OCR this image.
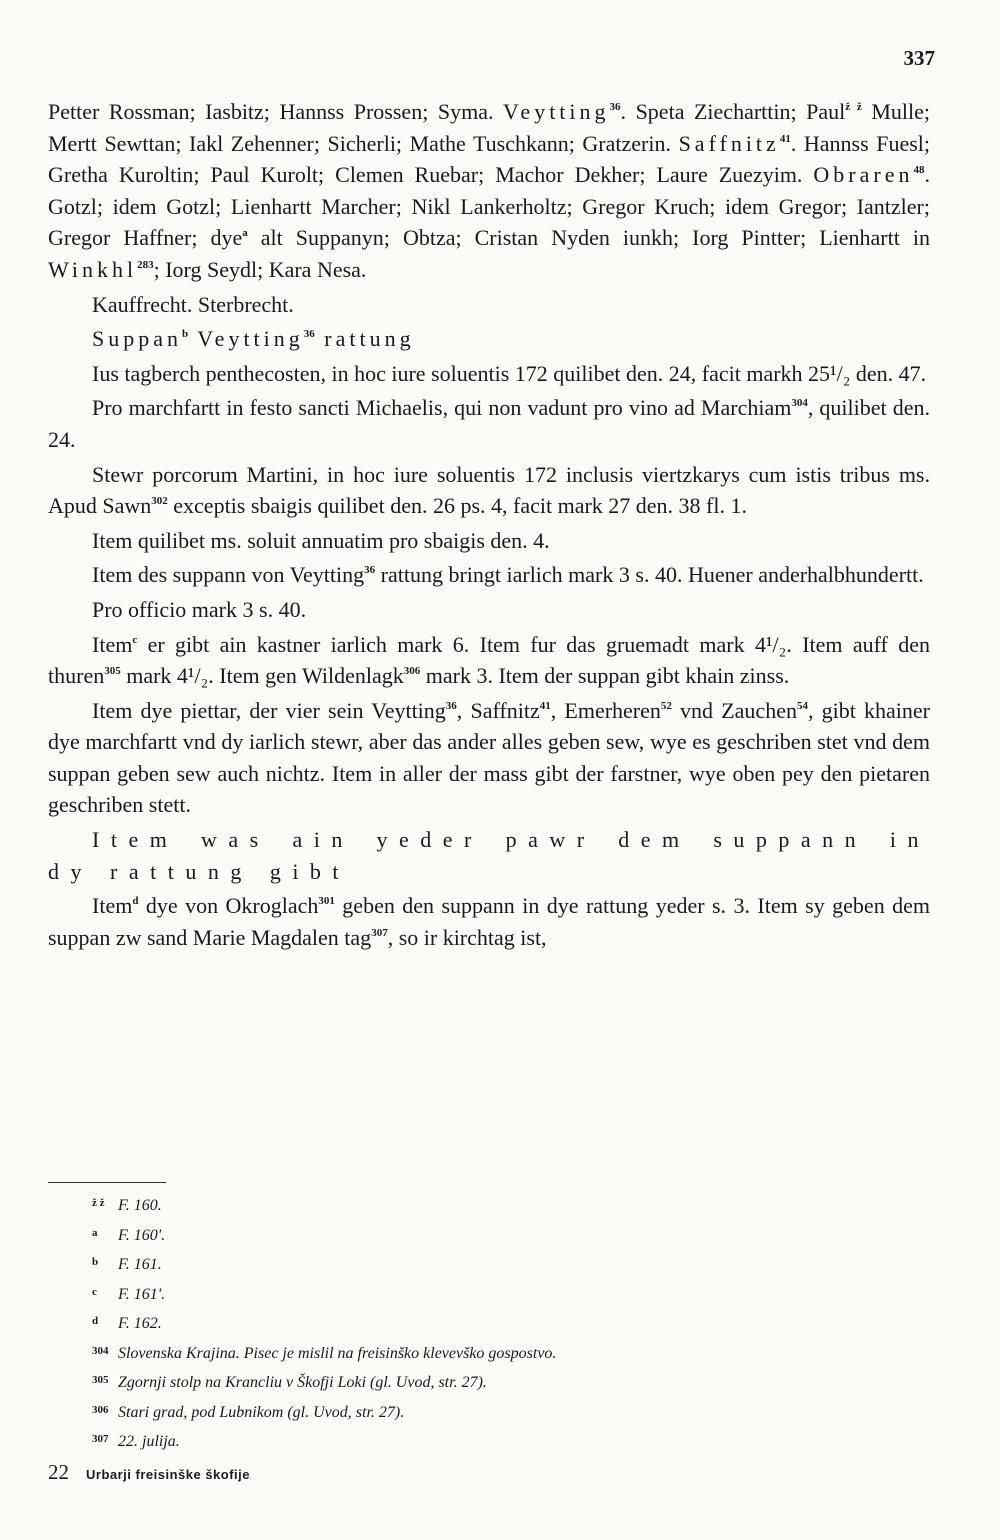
337

Petter Rossman; Iasbitz; Hannss Prossen; Syma. Veytting$^{36}$. Speta Ziecharttin; Paul$^{ž ž}$ Mulle; Mertt Sewttan; Iakl Zehenner; Sicherli; Mathe Tuschkann; Gratzerin. Saffnitz$^{41}$. Hannss Fuesl; Gretha Kuroltin; Paul Kurolt; Clemen Ruebar; Machor Dekher; Laure Zuezyim. Obraren$^{48}$. Gotzl; idem Gotzl; Lienhartt Marcher; Nikl Lankerholtz; Gregor Kruch; idem Gregor; Iantzler; Gregor Haffner; dye$^a$ alt Suppanyn; Obtza; Cristan Nyden iunkh; Iorg Pintter; Lienhartt in Winkhl$^{283}$; Iorg Seydl; Kara Nesa.

Kauffrecht. Sterbrecht.

Suppan$^b$ Veytting$^{36}$ rattung

Ius tagberch penthecosten, in hoc iure soluentis 172 quilibet den. 24, facit markh 25¹/₂ den. 47.

Pro marchfartt in festo sancti Michaelis, qui non vadunt pro vino ad Marchiam$^{304}$, quilibet den. 24.

Stewr porcorum Martini, in hoc iure soluentis 172 inclusis viertzkarys cum istis tribus ms. Apud Sawn$^{302}$ exceptis sbaigis quilibet den. 26 ps. 4, facit mark 27 den. 38 fl. 1.

Item quilibet ms. soluit annuatim pro sbaigis den. 4.

Item des suppann von Veytting$^{36}$ rattung bringt iarlich mark 3 s. 40. Huener anderhalbhundertt.

Pro officio mark 3 s. 40.

Item$^c$ er gibt ain kastner iarlich mark 6. Item fur das gruemadt mark 4¹/₂. Item auff den thuren$^{305}$ mark 4¹/₂. Item gen Wildenlagk$^{306}$ mark 3. Item der suppan gibt khain zinss.

Item dye piettar, der vier sein Veytting$^{36}$, Saffnitz$^{41}$, Emerheren$^{52}$ vnd Zauchen$^{54}$, gibt khainer dye marchfartt vnd dy iarlich stewr, aber das ander alles geben sew, wye es geschriben stet vnd dem suppan geben sew auch nichtz. Item in aller der mass gibt der farstner, wye oben pey den pietaren geschriben stett.

Item was ain yeder pawr dem suppann in dy rattung gibt

Item$^d$ dye von Okroglach$^{301}$ geben den suppann in dye rattung yeder s. 3. Item sy geben dem suppan zw sand Marie Magdalen tag$^{307}$, so ir kirchtag ist,

ž ž F. 160.
a F. 160'.
b F. 161.
c F. 161'.
d F. 162.
304 Slovenska Krajina. Pisec je mislil na freisinško klevevško gospostvo.
305 Zgornji stolp na Krancliu v Škofji Loki (gl. Uvod, str. 27).
306 Stari grad, pod Lubnikom (gl. Uvod, str. 27).
307 22. julija.
22 Urbarji freisinške škofije
